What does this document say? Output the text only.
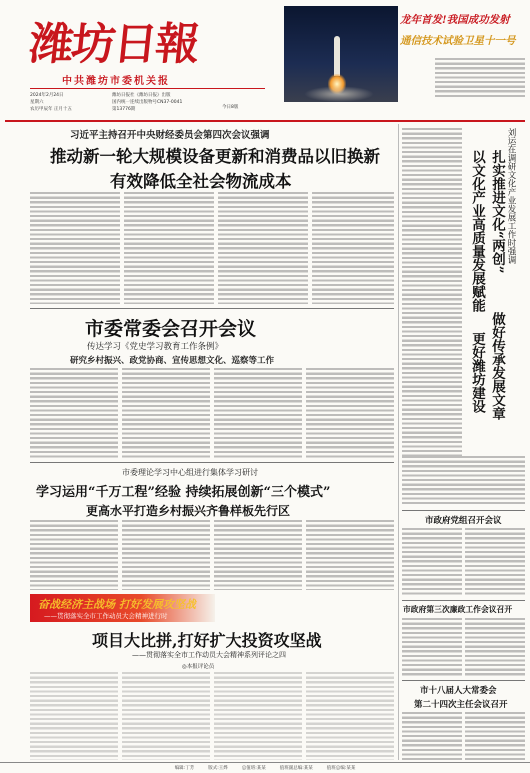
潍坊日報
中共潍坊市委机关报
2024年2月24日
星期六
农历甲辰年 正月十五
潍坊日报社《潍坊日报》出版
国内统一连续出版物号CN37-0041
第13776期	今日8版
龙年首发!我国成功发射
通信技术试验卫星十一号
习近平主持召开中央财经委员会第四次会议强调
推动新一轮大规模设备更新和消费品以旧换新
有效降低全社会物流成本
市委常委会召开会议
传达学习《党史学习教育工作条例》
研究乡村振兴、政党协商、宣传思想文化、巡察等工作
市委理论学习中心组进行集体学习研讨
学习运用“千万工程”经验 持续拓展创新“三个模式”
更高水平打造乡村振兴齐鲁样板先行区
奋战经济主战场 打好发展攻坚战
——贯彻落实全市工作动员大会精神进行时
项目大比拼,打好扩大投资攻坚战
——贯彻落实全市工作动员大会精神系列评论之四
◎本报评论员
刘运在调研文化产业发展工作时强调
扎实推进文化“两创”
做好传承发展文章
以文化产业高质量发展赋能
更好潍坊建设
市政府党组召开会议
市政府第三次廉政工作会议召开
市十八届人大常委会
第二十四次主任会议召开
编辑:丁芳	版式:王烨	总值班:某某	值班副总编:某某	值班总编:某某
